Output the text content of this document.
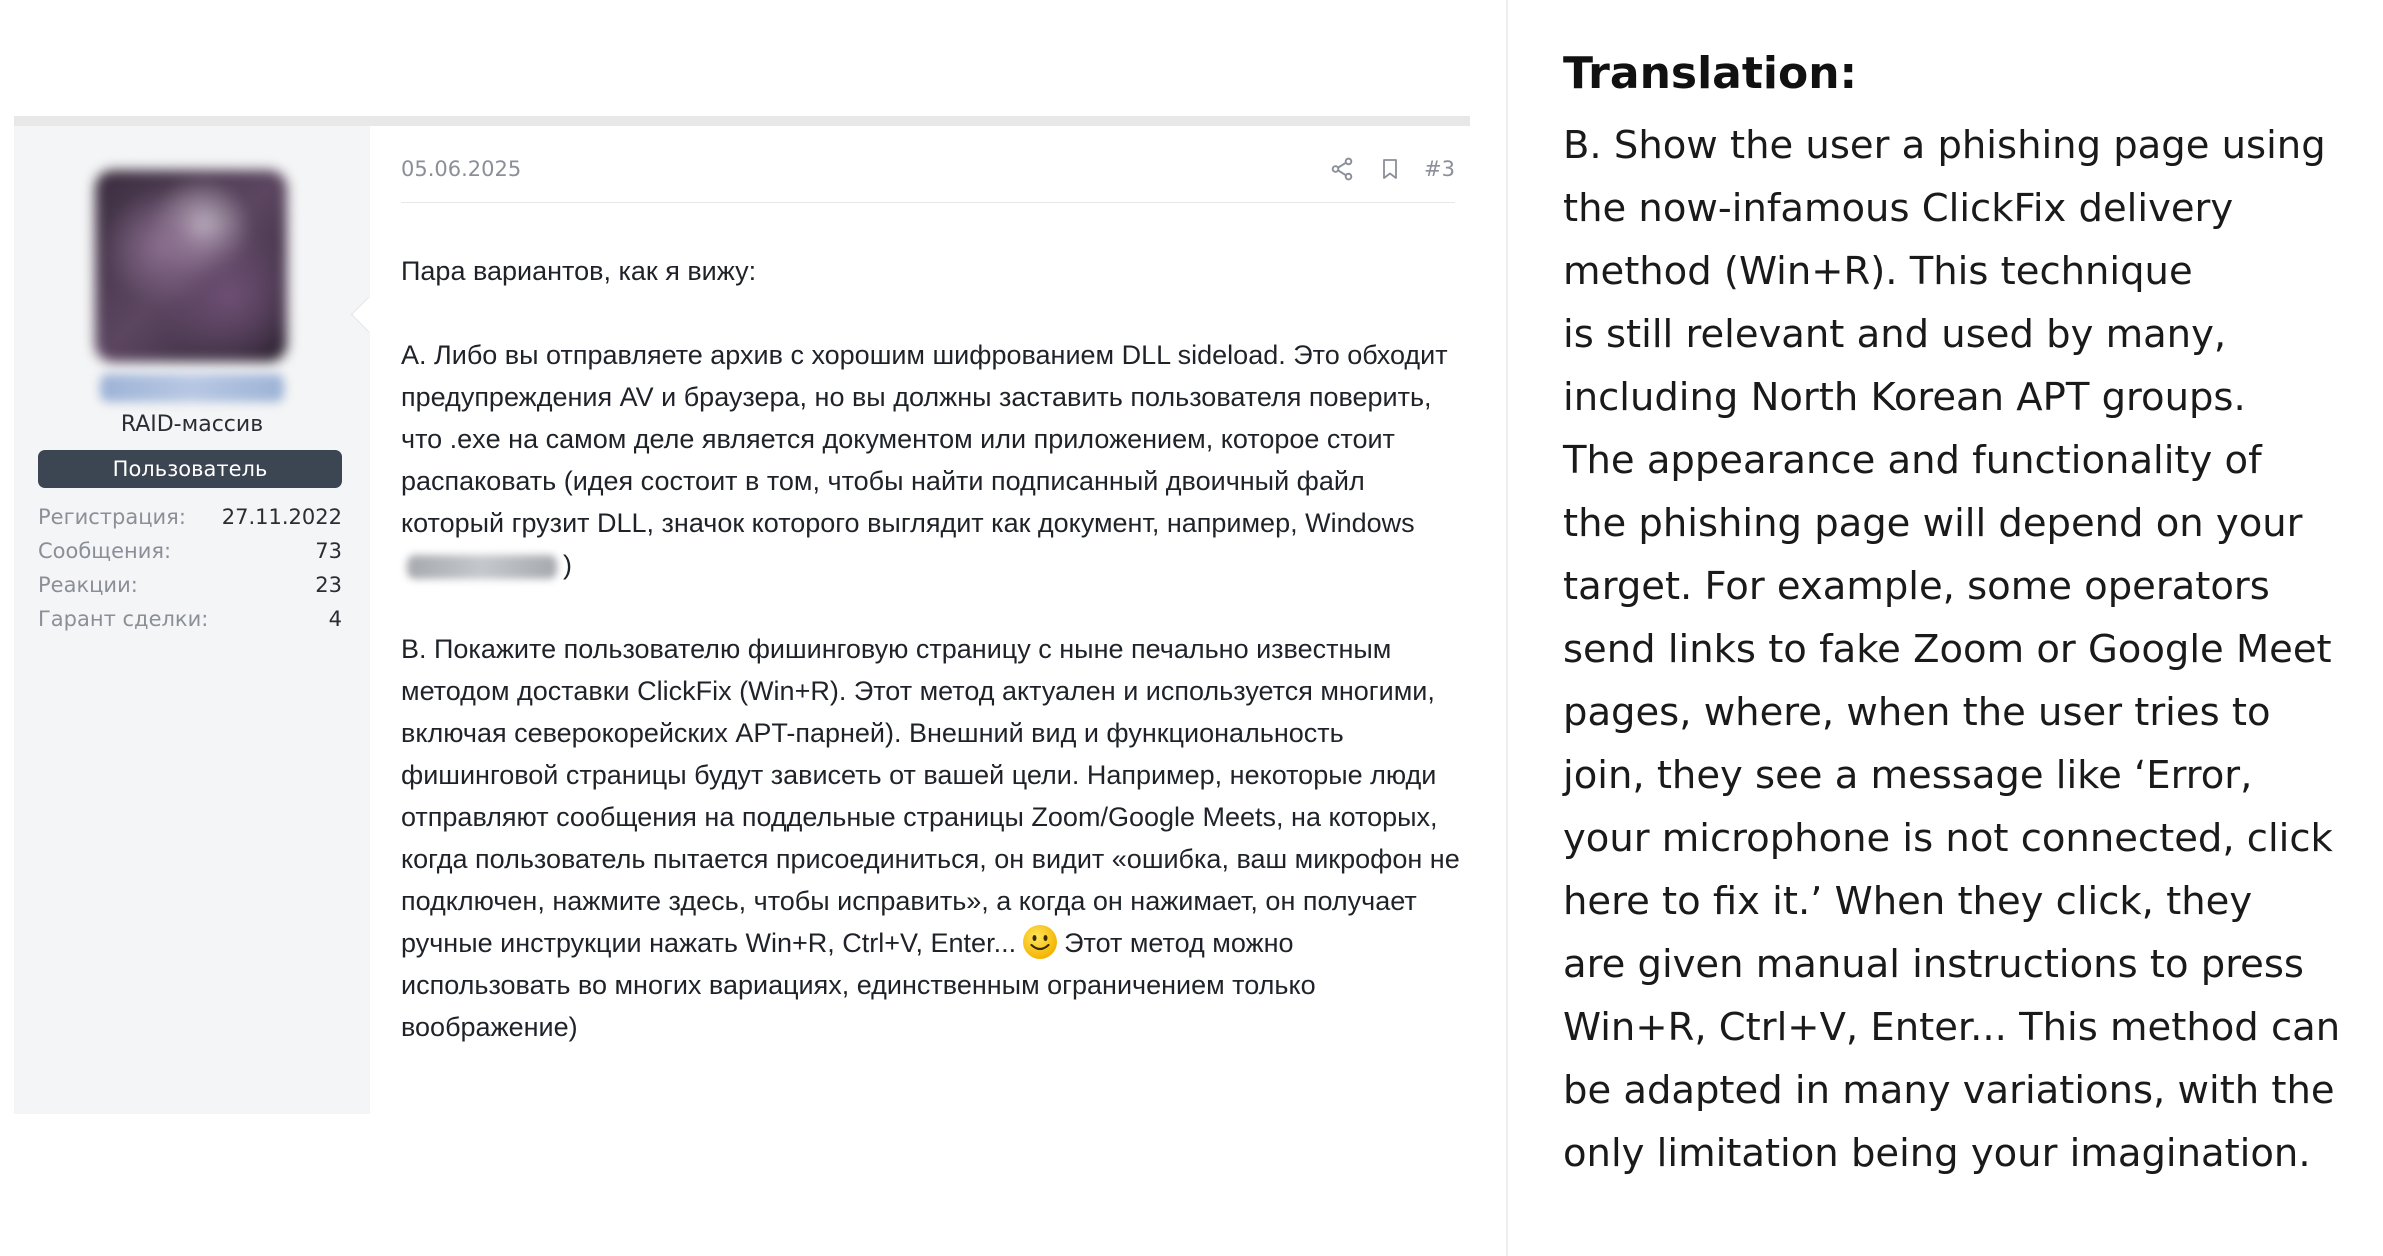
RAID-массив
Пользователь
Регистрация: 27.11.2022
Сообщения:	73
Реакции:	23
Гарант сделки:	4
05.06.2025	#3

Пара вариантов, как я вижу:

А. Либо вы отправляете архив с хорошим шифрованием DLL sideload. Это обходит предупреждения AV и браузера, но вы должны заставить пользователя поверить, что .exe на самом деле является документом или приложением, которое стоит распаковать (идея состоит в том, чтобы найти подписанный двоичный файл который грузит DLL, значок которого выглядит как документ, например, Windows)

B. Покажите пользователю фишинговую страницу с ныне печально известным методом доставки ClickFix (Win+R). Этот метод актуален и используется многими, включая северокорейских APT-парней). Внешний вид и функциональность фишинговой страницы будут зависеть от вашей цели. Например, некоторые люди отправляют сообщения на поддельные страницы Zoom/Google Meets, на которых, когда пользователь пытается присоединиться, он видит «ошибка, ваш микрофон не подключен, нажмите здесь, чтобы исправить», а когда он нажимает, он получает ручные инструкции нажать Win+R, Ctrl+V, Enter... Этот метод можно использовать во многих вариациях, единственным ограничением только воображение)

Translation:
B. Show the user a phishing page using
the now-infamous ClickFix delivery
method (Win+R). This technique
is still relevant and used by many,
including North Korean APT groups.
The appearance and functionality of
the phishing page will depend on your
target. For example, some operators
send links to fake Zoom or Google Meet
pages, where, when the user tries to
join, they see a message like ‘Error,
your microphone is not connected, click
here to fix it.’ When they click, they
are given manual instructions to press
Win+R, Ctrl+V, Enter... This method can
be adapted in many variations, with the
only limitation being your imagination.
